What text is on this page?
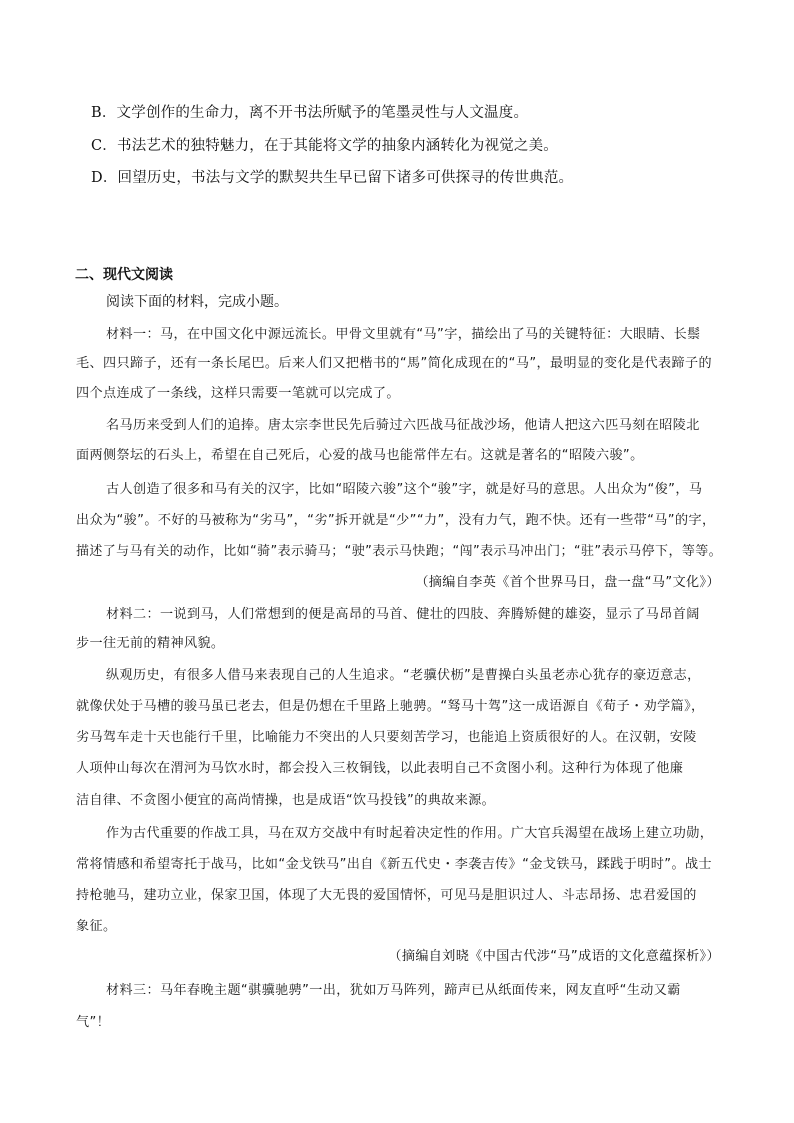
B．文学创作的生命力，离不开书法所赋予的笔墨灵性与人文温度。
C．书法艺术的独特魅力，在于其能将文学的抽象内涵转化为视觉之美。
D．回望历史，书法与文学的默契共生早已留下诸多可供探寻的传世典范。
二、现代文阅读
阅读下面的材料，完成小题。
材料一：马，在中国文化中源远流长。甲骨文里就有“马”字，描绘出了马的关键特征：大眼睛、长鬃
毛、四只蹄子，还有一条长尾巴。后来人们又把楷书的“馬”简化成现在的“马”，最明显的变化是代表蹄子的
四个点连成了一条线，这样只需要一笔就可以完成了。
名马历来受到人们的追捧。唐太宗李世民先后骑过六匹战马征战沙场，他请人把这六匹马刻在昭陵北
面两侧祭坛的石头上，希望在自己死后，心爱的战马也能常伴左右。这就是著名的“昭陵六骏”。
古人创造了很多和马有关的汉字，比如“昭陵六骏”这个“骏”字，就是好马的意思。人出众为“俊”，马
出众为“骏”。不好的马被称为“劣马”，“劣”拆开就是“少”“力”，没有力气，跑不快。还有一些带“马”的字，
描述了与马有关的动作，比如“骑”表示骑马；“驶”表示马快跑；“闯”表示马冲出门；“驻”表示马停下，等等。
（摘编自李英《首个世界马日，盘一盘“马”文化》）
材料二：一说到马，人们常想到的便是高昂的马首、健壮的四肢、奔腾矫健的雄姿，显示了马昂首阔
步一往无前的精神风貌。
纵观历史，有很多人借马来表现自己的人生追求。“老骥伏枥”是曹操白头虽老赤心犹存的豪迈意志，
就像伏处于马槽的骏马虽已老去，但是仍想在千里路上驰骋。“驽马十驾”这一成语源自《荀子・劝学篇》，
劣马驾车走十天也能行千里，比喻能力不突出的人只要刻苦学习，也能追上资质很好的人。在汉朝，安陵
人项仲山每次在渭河为马饮水时，都会投入三枚铜钱，以此表明自己不贪图小利。这种行为体现了他廉
洁自律、不贪图小便宜的高尚情操，也是成语“饮马投钱”的典故来源。
作为古代重要的作战工具，马在双方交战中有时起着决定性的作用。广大官兵渴望在战场上建立功勋，
常将情感和希望寄托于战马，比如“金戈铁马”出自《新五代史・李袭吉传》“金戈铁马，蹂践于明时”。战士
持枪驰马，建功立业，保家卫国，体现了大无畏的爱国情怀，可见马是胆识过人、斗志昂扬、忠君爱国的
象征。
（摘编自刘晓《中国古代涉“马”成语的文化意蕴探析》）
材料三：马年春晚主题“骐骥驰骋”一出，犹如万马阵列，蹄声已从纸面传来，网友直呼“生动又霸
气”！
